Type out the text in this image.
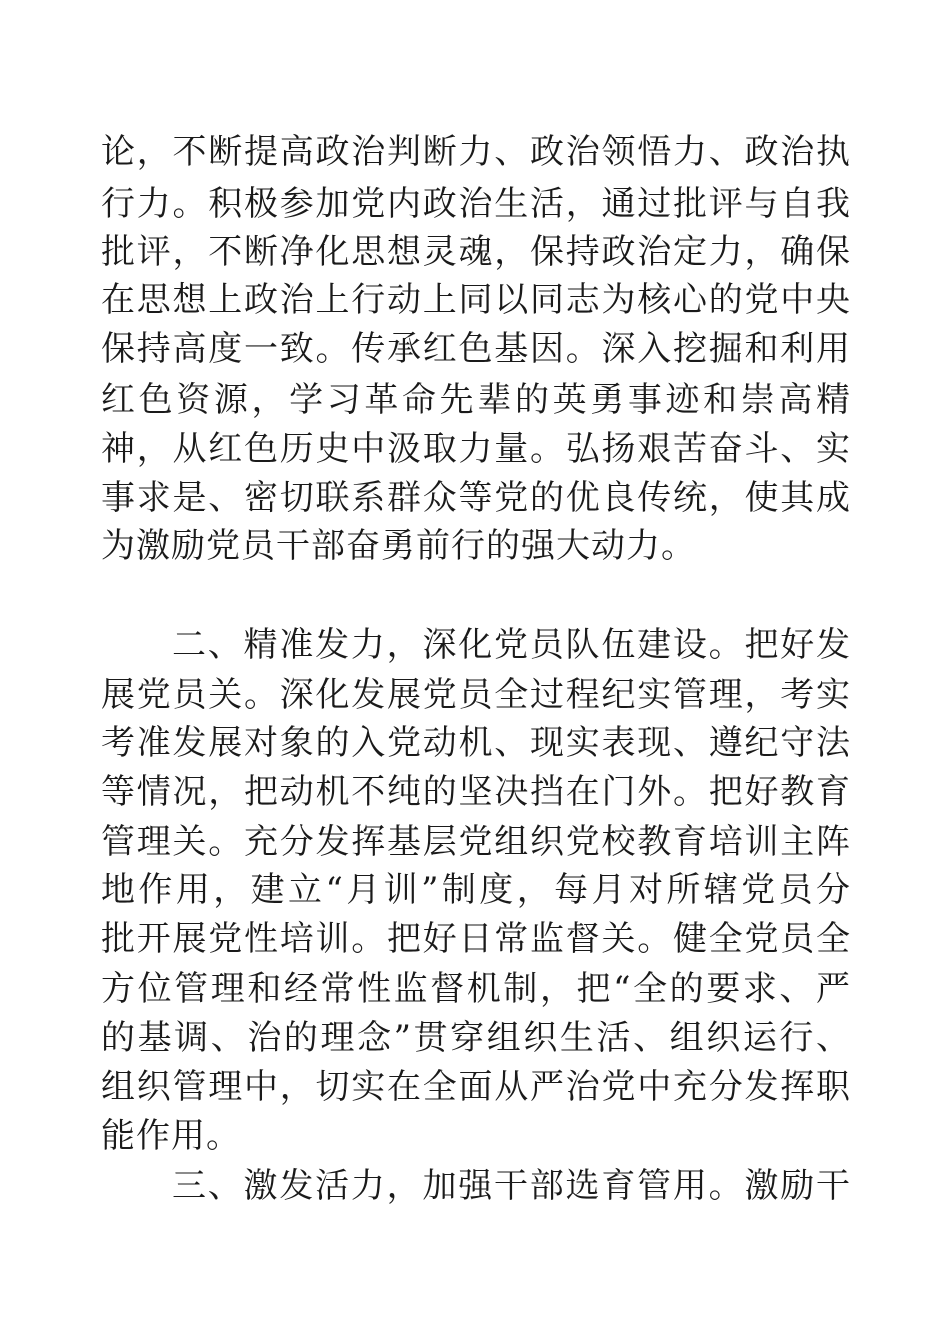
论，不断提高政治判断力、政治领悟力、政治执
行力。积极参加党内政治生活，通过批评与自我
批评，不断净化思想灵魂，保持政治定力，确保
在思想上政治上行动上同以同志为核心的党中央
保持高度一致。传承红色基因。深入挖掘和利用
红色资源，学习革命先辈的英勇事迹和崇高精
神，从红色历史中汲取力量。弘扬艰苦奋斗、实
事求是、密切联系群众等党的优良传统，使其成
为激励党员干部奋勇前行的强大动力。
二、精准发力，深化党员队伍建设。把好发
展党员关。深化发展党员全过程纪实管理，考实
考准发展对象的入党动机、现实表现、遵纪守法
等情况，把动机不纯的坚决挡在门外。把好教育
管理关。充分发挥基层党组织党校教育培训主阵
地作用，建立“月训”制度，每月对所辖党员分
批开展党性培训。把好日常监督关。健全党员全
方位管理和经常性监督机制，把“全的要求、严
的基调、治的理念”贯穿组织生活、组织运行、
组织管理中，切实在全面从严治党中充分发挥职
能作用。
三、激发活力，加强干部选育管用。激励干
